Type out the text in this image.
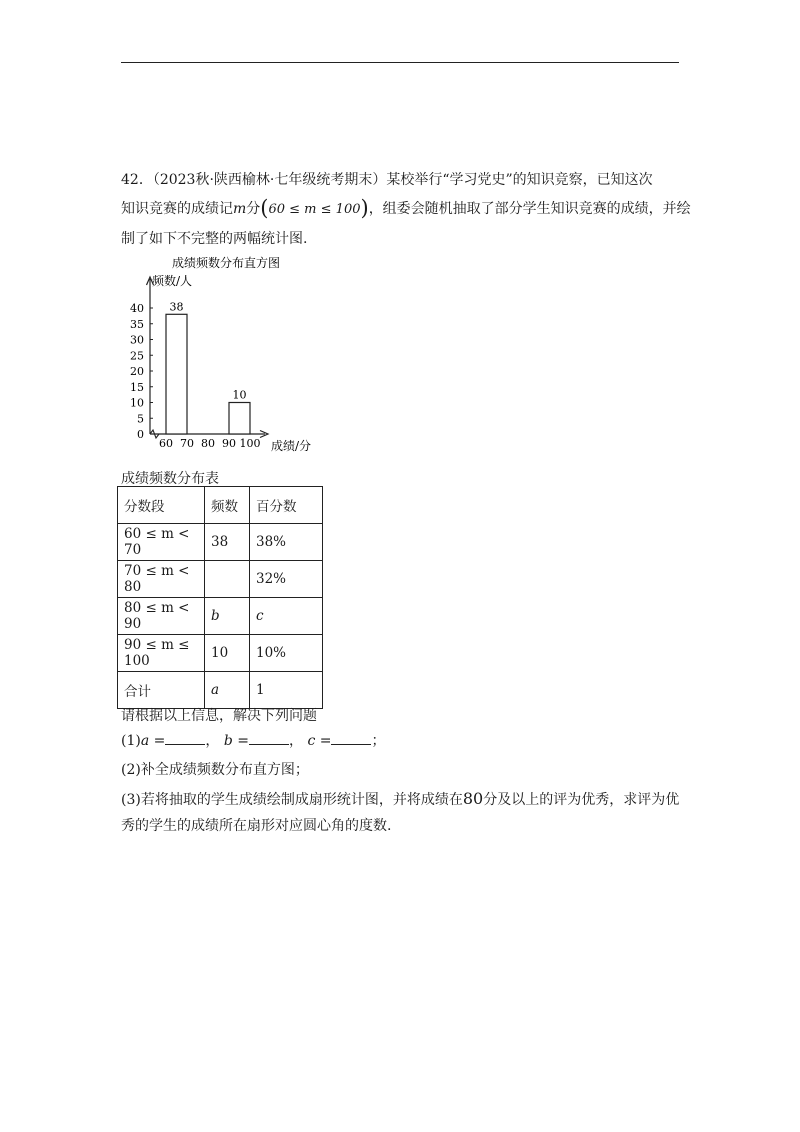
42．（2023秋·陕西榆林·七年级统考期末）某校举行“学习党史”的知识竞察，已知这次
知识竞赛的成绩记m分(60 ≤ m ≤ 100)，组委会随机抽取了部分学生知识竞赛的成绩，并绘
制了如下不完整的两幅统计图.
成绩频数分布直方图
频数/人
成绩/分
0
5
10
15
20
25
30
35
40
60 70 80 90 100
38
10
成绩频数分布表
分数段	频数	百分数
60 ≤ m < 70	38	38%
70 ≤ m < 80		32%
80 ≤ m < 90	b	c
90 ≤ m ≤ 100	10	10%
合计	a	1
请根据以上信息，解决下列问题
(1)a =	， b =	， c =	；
(2)补全成绩频数分布直方图；
(3)若将抽取的学生成绩绘制成扇形统计图，并将成绩在80分及以上的评为优秀，求评为优
秀的学生的成绩所在扇形对应圆心角的度数.
